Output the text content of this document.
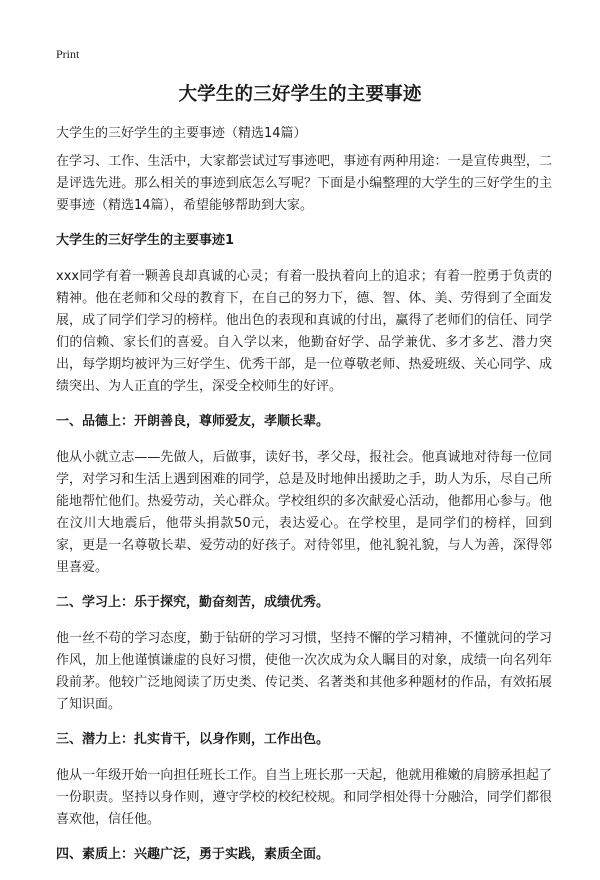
Print
大学生的三好学生的主要事迹
大学生的三好学生的主要事迹（精选14篇）

在学习、工作、生活中，大家都尝试过写事迹吧，事迹有两种用途：一是宣传典型，二是评选先进。那么相关的事迹到底怎么写呢？下面是小编整理的大学生的三好学生的主要事迹（精选14篇），希望能够帮助到大家。

大学生的三好学生的主要事迹1

xxx同学有着一颗善良却真诚的心灵；有着一股执着向上的追求；有着一腔勇于负责的精神。他在老师和父母的教育下，在自己的努力下，德、智、体、美、劳得到了全面发展，成了同学们学习的榜样。他出色的表现和真诚的付出，赢得了老师们的信任、同学们的信赖、家长们的喜爱。自入学以来，他勤奋好学、品学兼优、多才多艺、潜力突出，每学期均被评为三好学生、优秀干部，是一位尊敬老师、热爱班级、关心同学、成绩突出、为人正直的学生，深受全校师生的好评。

一、品德上：开朗善良，尊师爱友，孝顺长辈。

他从小就立志——先做人，后做事，读好书，孝父母，报社会。他真诚地对待每一位同学，对学习和生活上遇到困难的同学，总是及时地伸出援助之手，助人为乐，尽自己所能地帮忙他们。热爱劳动，关心群众。学校组织的多次献爱心活动，他都用心参与。他在汶川大地震后，他带头捐款50元，表达爱心。在学校里，是同学们的榜样，回到家，更是一名尊敬长辈、爱劳动的好孩子。对待邻里，他礼貌礼貌，与人为善，深得邻里喜爱。

二、学习上：乐于探究，勤奋刻苦，成绩优秀。

他一丝不苟的学习态度，勤于钻研的学习习惯，坚持不懈的学习精神，不懂就问的学习作风，加上他谨慎谦虚的良好习惯，使他一次次成为众人瞩目的对象，成绩一向名列年段前茅。他较广泛地阅读了历史类、传记类、名著类和其他多种题材的作品，有效拓展了知识面。

三、潜力上：扎实肯干，以身作则，工作出色。

他从一年级开始一向担任班长工作。自当上班长那一天起，他就用稚嫩的肩膀承担起了一份职责。坚持以身作则，遵守学校的校纪校规。和同学相处得十分融洽，同学们都很喜欢他，信任他。

四、素质上：兴趣广泛，勇于实践，素质全面。
